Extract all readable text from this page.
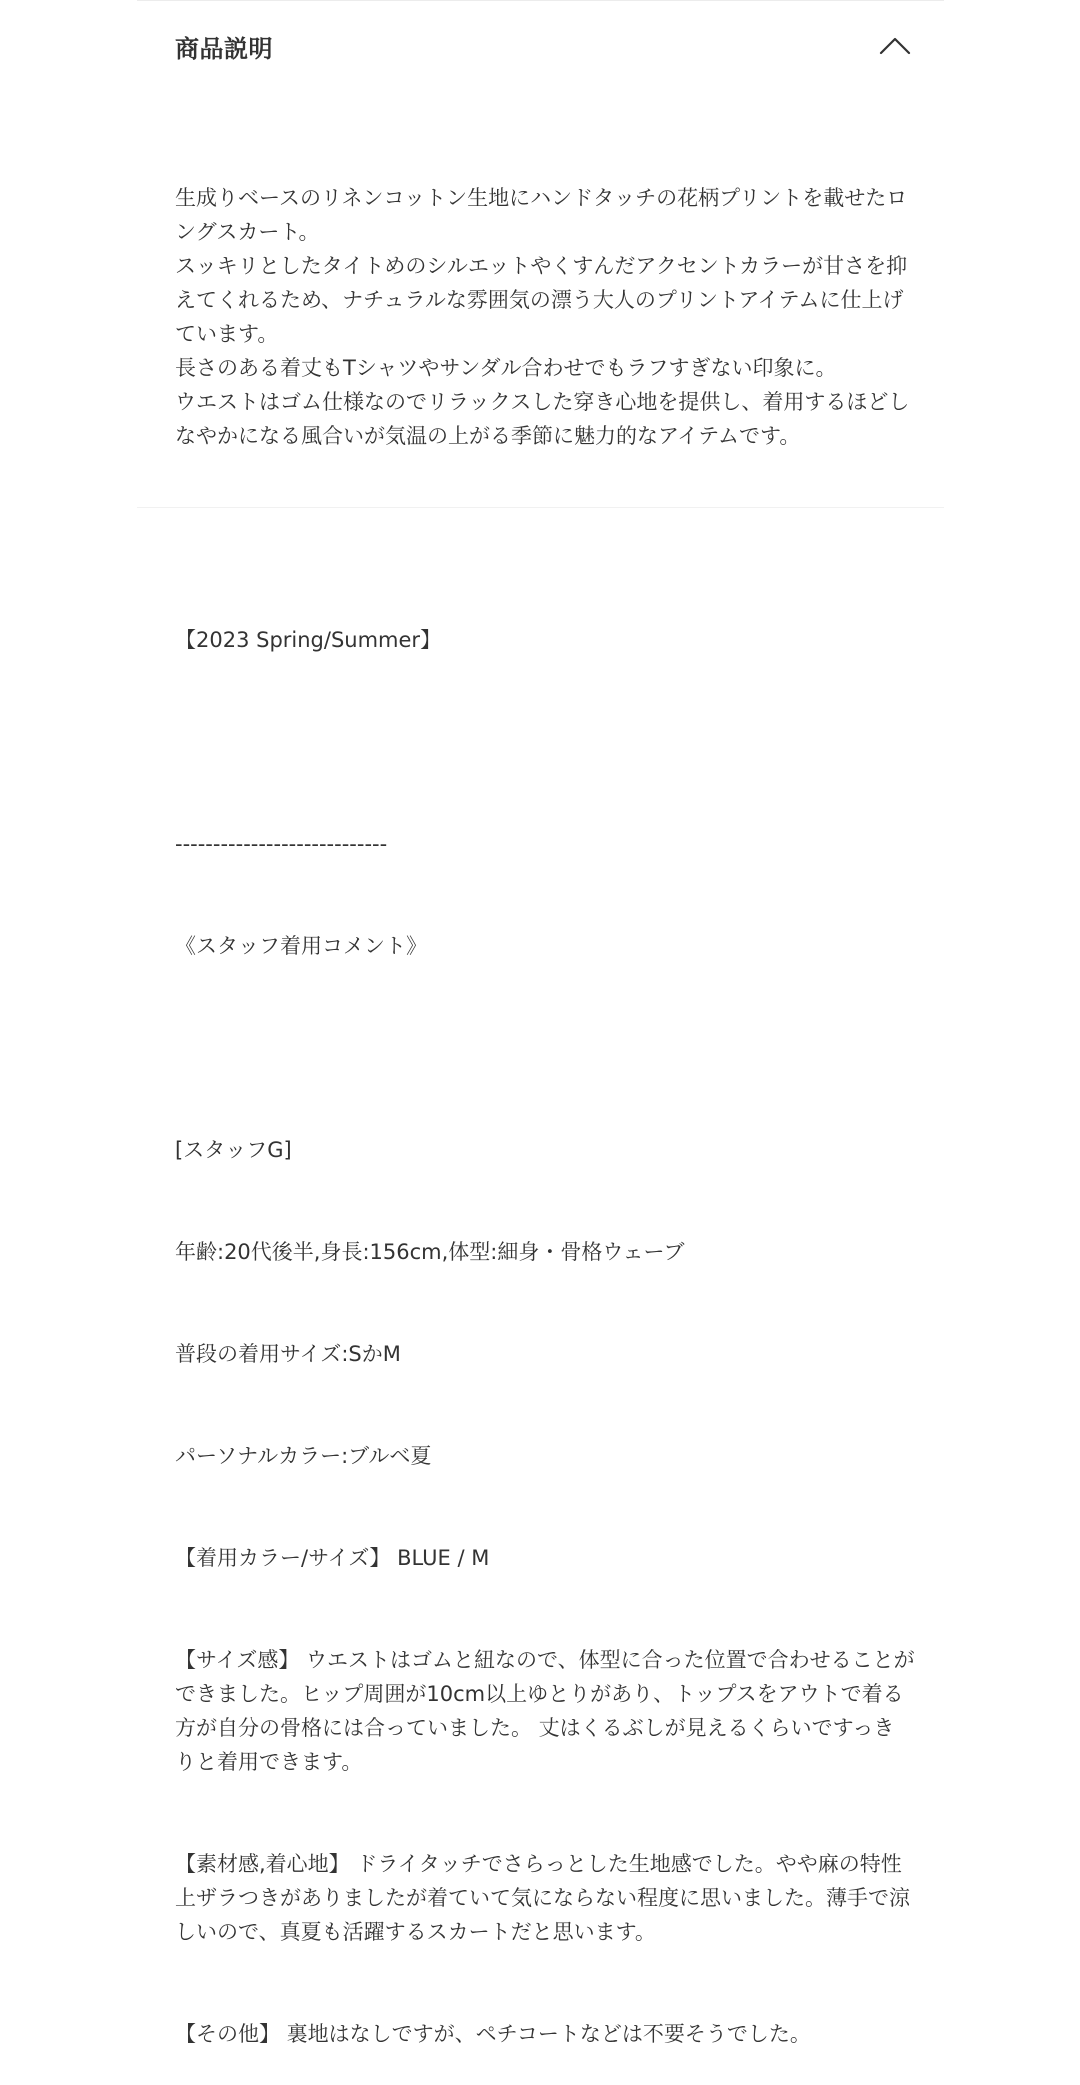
商品説明

生成りベースのリネンコットン生地にハンドタッチの花柄プリントを載せたロングスカート。
スッキリとしたタイトめのシルエットやくすんだアクセントカラーが甘さを抑えてくれるため、ナチュラルな雰囲気の漂う大人のプリントアイテムに仕上げています。
長さのある着丈もTシャツやサンダル合わせでもラフすぎない印象に。
ウエストはゴム仕様なのでリラックスした穿き心地を提供し、着用するほどしなやかになる風合いが気温の上がる季節に魅力的なアイテムです。

【2023 Spring/Summer】

----------------------------

《スタッフ着用コメント》

[スタッフG]

年齢:20代後半,身長:156cm,体型:細身・骨格ウェーブ

普段の着用サイズ:SかM

パーソナルカラー:ブルベ夏

【着用カラー/サイズ】 BLUE / M

【サイズ感】 ウエストはゴムと紐なので、体型に合った位置で合わせることができました。ヒップ周囲が10cm以上ゆとりがあり、トップスをアウトで着る方が自分の骨格には合っていました。 丈はくるぶしが見えるくらいですっきりと着用できます。

【素材感,着心地】 ドライタッチでさらっとした生地感でした。やや麻の特性上ザラつきがありましたが着ていて気にならない程度に思いました。薄手で涼しいので、真夏も活躍するスカートだと思います。

【その他】 裏地はなしですが、ペチコートなどは不要そうでした。
